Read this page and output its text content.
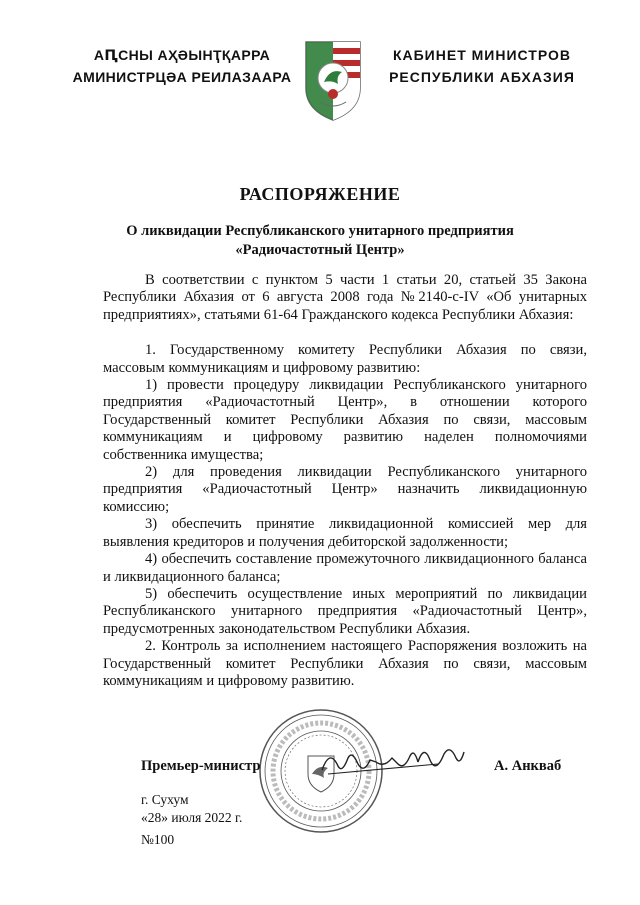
АԤСНЫ АҲӘЫНҬҚАРРА
АМИНИСТРЦӘА РЕИЛАЗААРА
КАБИНЕТ МИНИСТРОВ
РЕСПУБЛИКИ АБХАЗИЯ
РАСПОРЯЖЕНИЕ
О ликвидации Республиканского унитарного предприятия
«Радиочастотный Центр»

В соответствии с пунктом 5 части 1 статьи 20, статьей 35 Закона Республики Абхазия от 6 августа 2008 года №2140-с-IV «Об унитарных предприятиях», статьями 61-64 Гражданского кодекса Республики Абхазия:

1. Государственному комитету Республики Абхазия по связи, массовым коммуникациям и цифровому развитию:

1) провести процедуру ликвидации Республиканского унитарного предприятия «Радиочастотный Центр», в отношении которого Государственный комитет Республики Абхазия по связи, массовым коммуникациям и цифровому развитию наделен полномочиями собственника имущества;

2) для проведения ликвидации Республиканского унитарного предприятия «Радиочастотный Центр» назначить ликвидационную комиссию;

3) обеспечить принятие ликвидационной комиссией мер для выявления кредиторов и получения дебиторской задолженности;

4) обеспечить составление промежуточного ликвидационного баланса и ликвидационного баланса;

5) обеспечить осуществление иных мероприятий по ликвидации Республиканского унитарного предприятия «Радиочастотный Центр», предусмотренных законодательством Республики Абхазия.

2. Контроль за исполнением настоящего Распоряжения возложить на Государственный комитет Республики Абхазия по связи, массовым коммуникациям и цифровому развитию.

Премьер-министр	А. Анкваб
г. Сухум
«28» июля 2022 г.
№100
